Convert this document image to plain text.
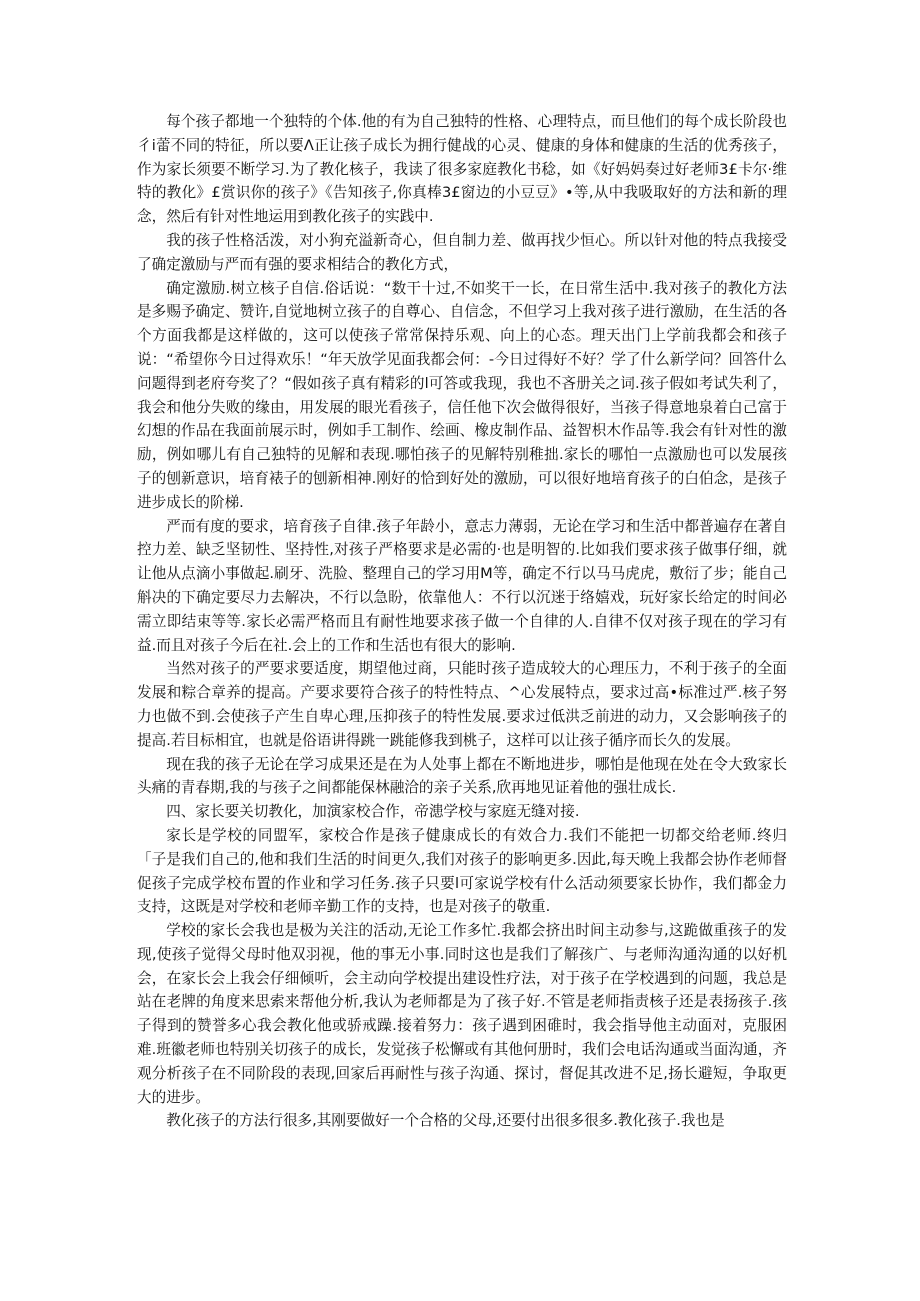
每个孩子都地一个独特的个体.他的有为自己独特的性格、心理特点，而旦他们的每个成长阶段也彳i蕾不同的特征，所以要Λ正让孩子成长为拥行健战的心灵、健康的身体和健康的生活的优秀孩子，作为家长须要不断学习.为了教化核子，我读了很多家庭教化书稔，如《好妈妈奏过好老师3£卡尔·维特的教化》£赏识你的孩子》《告知孩子,你真棒3£窗边的小豆豆》•等,从中我吸取好的方法和新的理念，然后有针对性地运用到教化孩子的实践中.

我的孩子性格活泼，对小狗充溢新奇心，但自制力差、做再找少恒心。所以针对他的特点我接受了确定激励与严而有强的要求相结合的教化方式，

确定激励.树立核子自信.俗话说：“数干十过,不如奖干一长，在日常生活中.我对孩子的教化方法是多赐予确定、赞许,自觉地树立孩子的自尊心、自信念，不但学习上我对孩子进行激励，在生活的各个方面我都是这样做的，这可以使孩子常常保持乐观、向上的心态。理天出门上学前我都会和孩子说：“希望你今日过得欢乐！“年天放学见面我都会何：-今日过得好不好？学了什么新学问？回答什么问题得到老府夸奖了？“假如孩子真有精彩的l可答或我现，我也不吝册关之词.孩子假如考试失利了，我会和他分失败的缘由，用发展的眼光看孩子，信任他下次会做得很好，当孩子得意地泉着白己富于幻想的作品在我面前展示时，例如手工制作、绘画、橡皮制作品、益智枳木作品等.我会有针对性的激励，例如哪儿有自己独特的见解和表现.哪怕孩子的见解特别稚拙.家长的哪怕一点激励也可以发展孩子的刨新意识，培育裱子的刨新相神.刚好的恰到好处的激励，可以很好地培育孩子的白伯念，是孩子进步成长的阶梯.

严而有度的要求，培育孩子自律.孩子年龄小，意志力薄弱，无论在学习和生活中都普遍存在著自控力差、缺乏坚韧性、坚持性,对孩子严格要求是必需的·也是明智的.比如我们要求孩子做事仔细，就让他从点滴小事做起.刷牙、洗脸、整理自己的学习用M等，确定不行以马马虎虎，敷衍了步；能自己斛决的下确定要尽力去解决，不行以急盼，依靠他人：不行以沉迷于络嬉戏，玩好家长给定的时间必需立即结束等等.家长必需严格而且有耐性地要求孩子做一个自律的人.自律不仅对孩子现在的学习有益.而且对孩子今后在社.会上的工作和生活也有很大的影响.

当然对孩子的严要求要适度，期望他过商，只能时孩子造成较大的心理压力，不利于孩子的全面发展和粽合章养的提高。产要求要符合孩子的特性特点、^心发展特点，要求过高•标准过严.核子努力也做不到.会使孩子产生自卑心理,压抑孩子的特性发展.要求过低洪乏前进的动力，又会影响孩子的提高.若目标相宜，也就是俗语讲得跳一跳能修我到桃子，这样可以让孩子循序而长久的发展。

现在我的孩子无论在学习成果还是在为人处事上都在不断地进步，哪怕是他现在处在令大致家长头痛的青春期,我的与孩子之间都能保林融洽的亲子关系,欣再地见证着他的强壮成长.

四、家长要关切教化，加演家校合作，帝漶学校与家庭无缝对接.

家长是学校的同盟军，家校合作是孩子健康成长的有效合力.我们不能把一切都交给老师.终归「子是我们自己的,他和我们生活的时间更久,我们对孩子的影响更多.因此,每天晚上我都会协作老师督促孩子完成学校布置的作业和学习任务.孩子只要l可家说学校有什么活动须要家长协作，我们都金力支持，这既是对学校和老师辛勤工作的支持，也是对孩子的敬重.

学校的家长会我也是极为关注的活动,无论工作多忙.我都会挤出时间主动参与,这跪做重孩子的发现,使孩子觉得父母时他双羽视，他的事无小事.同时这也是我们了解孩广、与老师沟通沟通的以好机会，在家长会上我会仔细倾听，会主动向学校提出建设性疗法，对于孩子在学校遇到的问题，我总是站在老牌的角度来思索来帮他分析,我认为老师都是为了孩子好.不管是老师指责核子还是表扬孩子.孩子得到的赞誉多心我会教化他或骄戒躁.接着努力：孩子遇到困碓时，我会指导他主动面对，克服困难.班徽老师也特别关切孩子的成长，发觉孩子松懈或有其他何册时，我们会电话沟通或当面沟通，齐观分析孩子在不同阶段的表现,回家后再耐性与孩子沟通、探讨，督促其改进不足,扬长避短，争取更大的进步。

教化孩子的方法行很多,其刚要做好一个合格的父母,还要付出很多很多.教化孩子.我也是
